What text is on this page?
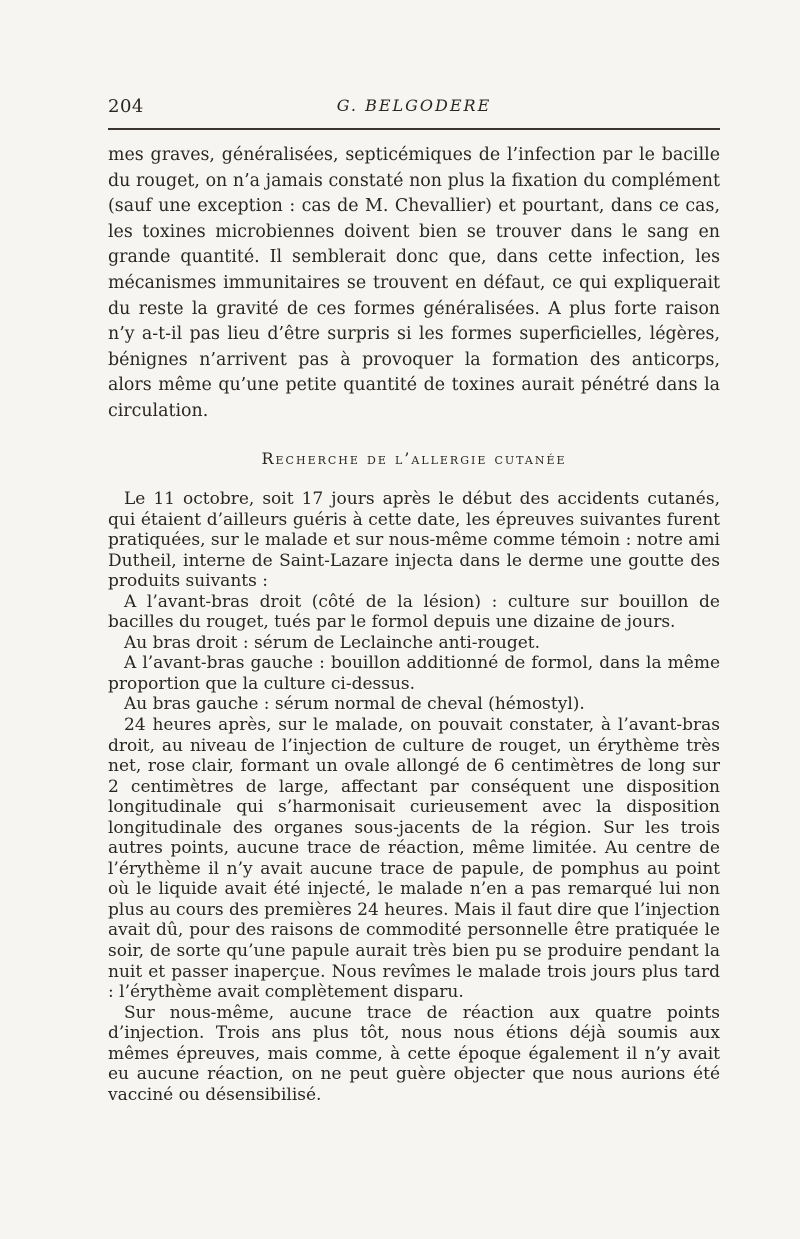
204	G. BELGODERE

mes graves, généralisées, septicémiques de l’infection par le bacille du rouget, on n’a jamais constaté non plus la fixation du complément (sauf une exception : cas de M. Chevallier) et pourtant, dans ce cas, les toxines microbiennes doivent bien se trouver dans le sang en grande quantité. Il semblerait donc que, dans cette infection, les mécanismes immunitaires se trouvent en défaut, ce qui expliquerait du reste la gravité de ces formes généralisées. A plus forte raison n’y a-t-il pas lieu d’être surpris si les formes superficielles, légères, bénignes n’arrivent pas à provoquer la formation des anticorps, alors même qu’une petite quantité de toxines aurait pénétré dans la circulation.

Recherche de l’allergie cutanée

Le 11 octobre, soit 17 jours après le début des accidents cutanés, qui étaient d’ailleurs guéris à cette date, les épreuves suivantes furent pratiquées, sur le malade et sur nous-même comme témoin : notre ami Dutheil, interne de Saint-Lazare injecta dans le derme une goutte des produits suivants :

A l’avant-bras droit (côté de la lésion) : culture sur bouillon de bacilles du rouget, tués par le formol depuis une dizaine de jours.

Au bras droit : sérum de Leclainche anti-rouget.

A l’avant-bras gauche : bouillon additionné de formol, dans la même proportion que la culture ci-dessus.

Au bras gauche : sérum normal de cheval (hémostyl).

24 heures après, sur le malade, on pouvait constater, à l’avant-bras droit, au niveau de l’injection de culture de rouget, un érythème très net, rose clair, formant un ovale allongé de 6 centimètres de long sur 2 centimètres de large, affectant par conséquent une disposition longitudinale qui s’harmonisait curieusement avec la disposition longitudinale des organes sous-jacents de la région. Sur les trois autres points, aucune trace de réaction, même limitée. Au centre de l’érythème il n’y avait aucune trace de papule, de pomphus au point où le liquide avait été injecté, le malade n’en a pas remarqué lui non plus au cours des premières 24 heures. Mais il faut dire que l’injection avait dû, pour des raisons de commodité personnelle être pratiquée le soir, de sorte qu’une papule aurait très bien pu se produire pendant la nuit et passer inaperçue. Nous revîmes le malade trois jours plus tard : l’érythème avait complètement disparu.

Sur nous-même, aucune trace de réaction aux quatre points d’injection. Trois ans plus tôt, nous nous étions déjà soumis aux mêmes épreuves, mais comme, à cette époque également il n’y avait eu aucune réaction, on ne peut guère objecter que nous aurions été vacciné ou désensibilisé.
